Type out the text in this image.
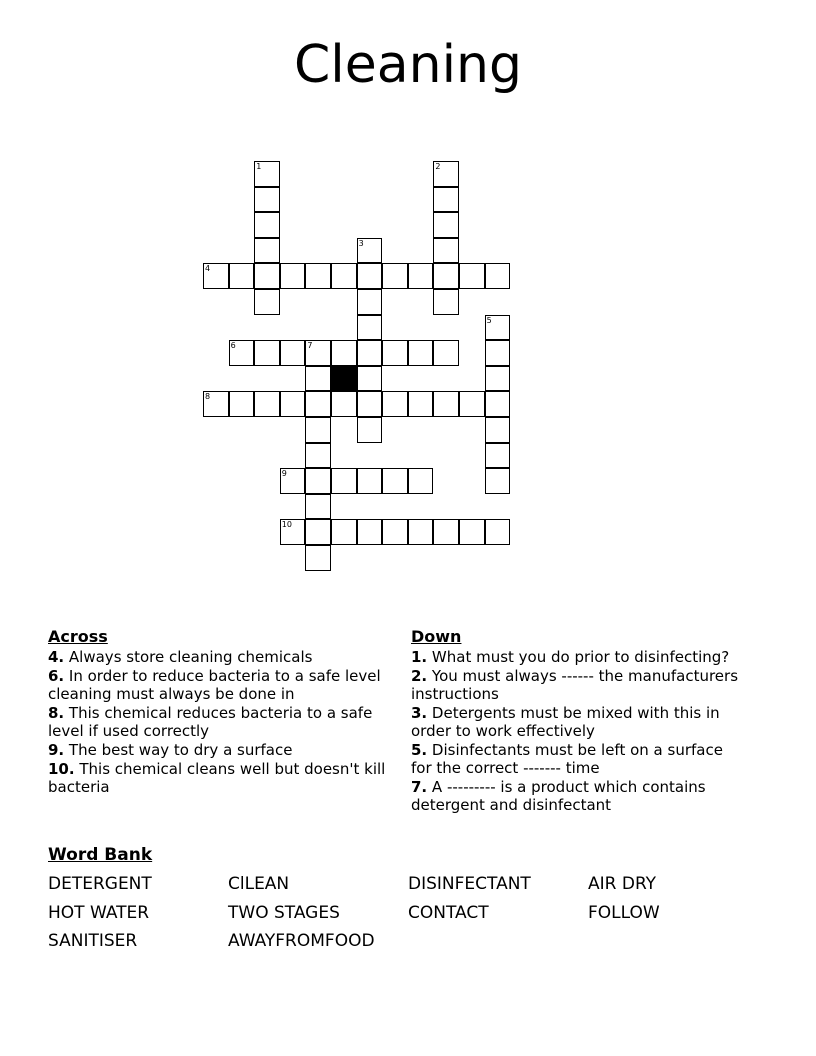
Cleaning
1	2
3
4
5
6	7
8
9
10
Across
4. Always store cleaning chemicals
6. In order to reduce bacteria to a safe level cleaning must always be done in
8. This chemical reduces bacteria to a safe level if used correctly
9. The best way to dry a surface
10. This chemical cleans well but doesn't kill bacteria
Down
1. What must you do prior to disinfecting?
2. You must always ------ the manufacturers instructions
3. Detergents must be mixed with this in order to work effectively
5. Disinfectants must be left on a surface for the correct ------- time
7. A --------- is a product which contains detergent and disinfectant
Word Bank
DETERGENT	ClLEAN	DISINFECTANT	AIR DRY
HOT WATER	TWO STAGES	CONTACT	FOLLOW
SANITISER	AWAYFROMFOOD
